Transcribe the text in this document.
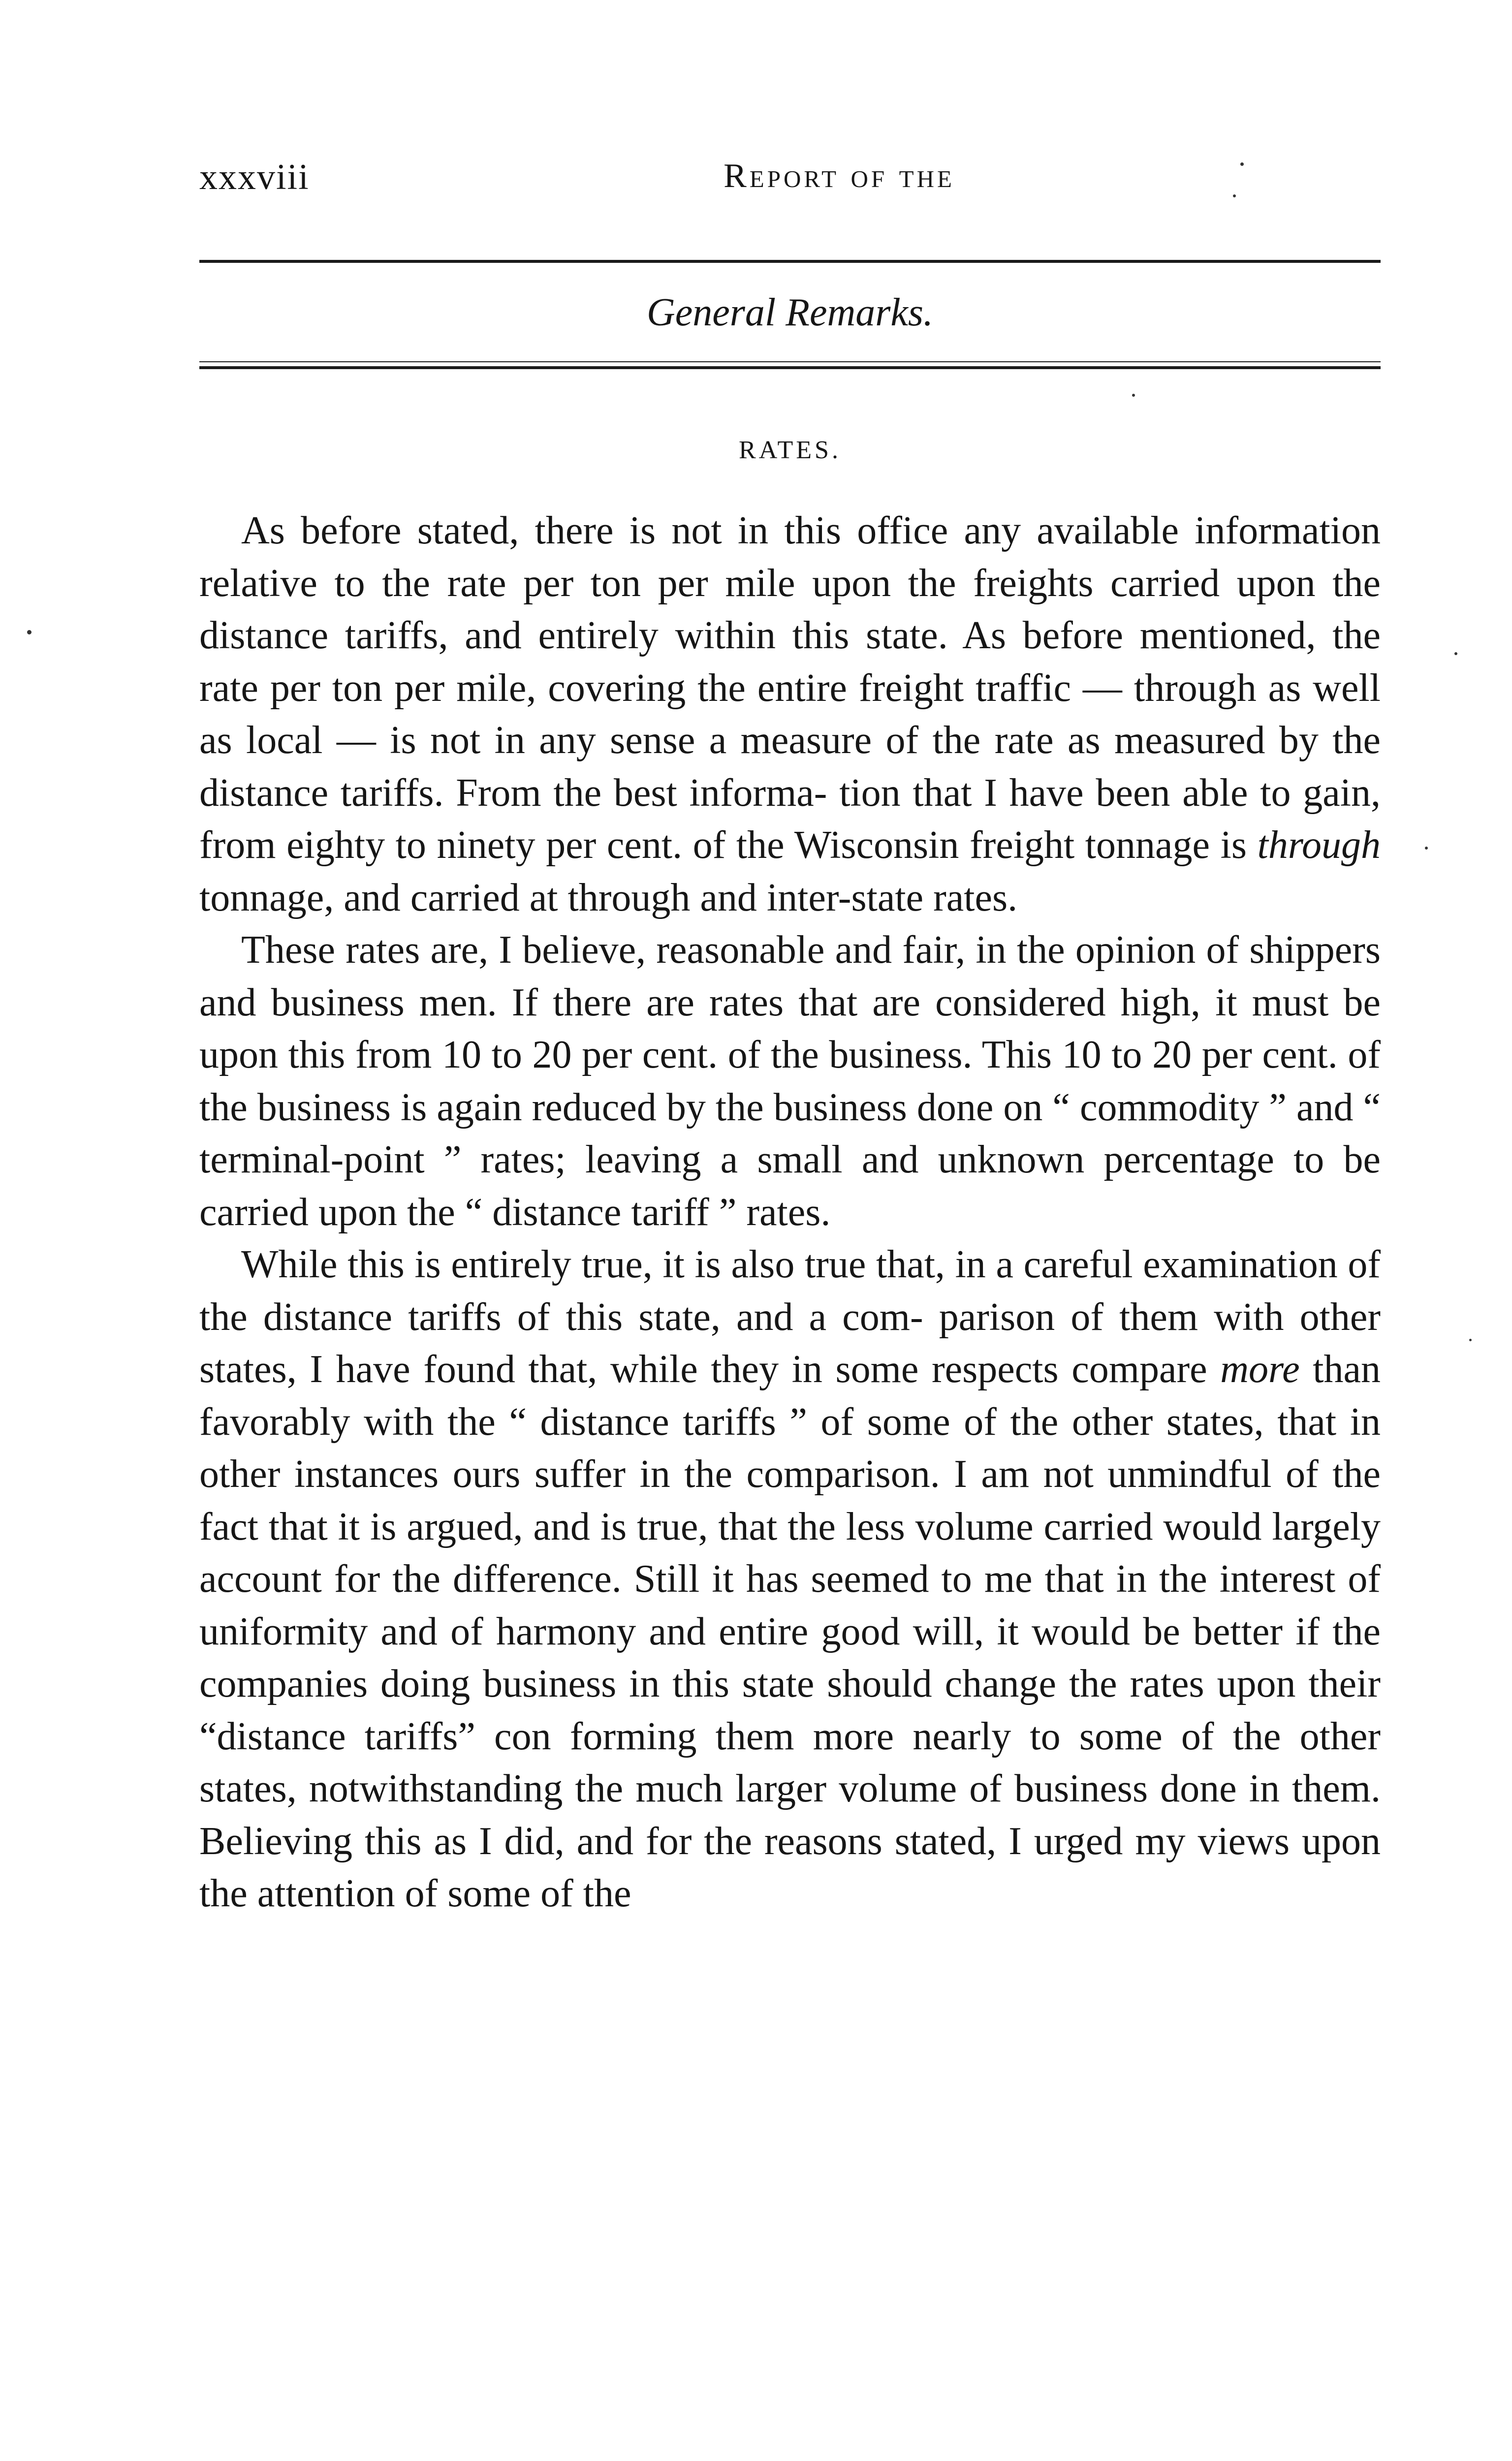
xxxviii	Report of the
General Remarks.
RATES.

As before stated, there is not in this office any available information relative to the rate per ton per mile upon the freights carried upon the distance tariffs, and entirely within this state. As before mentioned, the rate per ton per mile, covering the entire freight traffic — through as well as local — is not in any sense a measure of the rate as measured by the distance tariffs. From the best informa- tion that I have been able to gain, from eighty to ninety per cent. of the Wisconsin freight tonnage is through tonnage, and carried at through and inter-state rates.

These rates are, I believe, reasonable and fair, in the opinion of shippers and business men. If there are rates that are considered high, it must be upon this from 10 to 20 per cent. of the business. This 10 to 20 per cent. of the business is again reduced by the business done on “ commodity ” and “ terminal-point ” rates; leaving a small and unknown percentage to be carried upon the “ distance tariff ” rates.

While this is entirely true, it is also true that, in a careful examination of the distance tariffs of this state, and a com- parison of them with other states, I have found that, while they in some respects compare more than favorably with the “ distance tariffs ” of some of the other states, that in other instances ours suffer in the comparison. I am not unmindful of the fact that it is argued, and is true, that the less volume carried would largely account for the difference. Still it has seemed to me that in the interest of uniformity and of harmony and entire good will, it would be better if the companies doing business in this state should change the rates upon their “distance tariffs” con forming them more nearly to some of the other states, notwithstanding the much larger volume of business done in them. Believing this as I did, and for the reasons stated, I urged my views upon the attention of some of the
